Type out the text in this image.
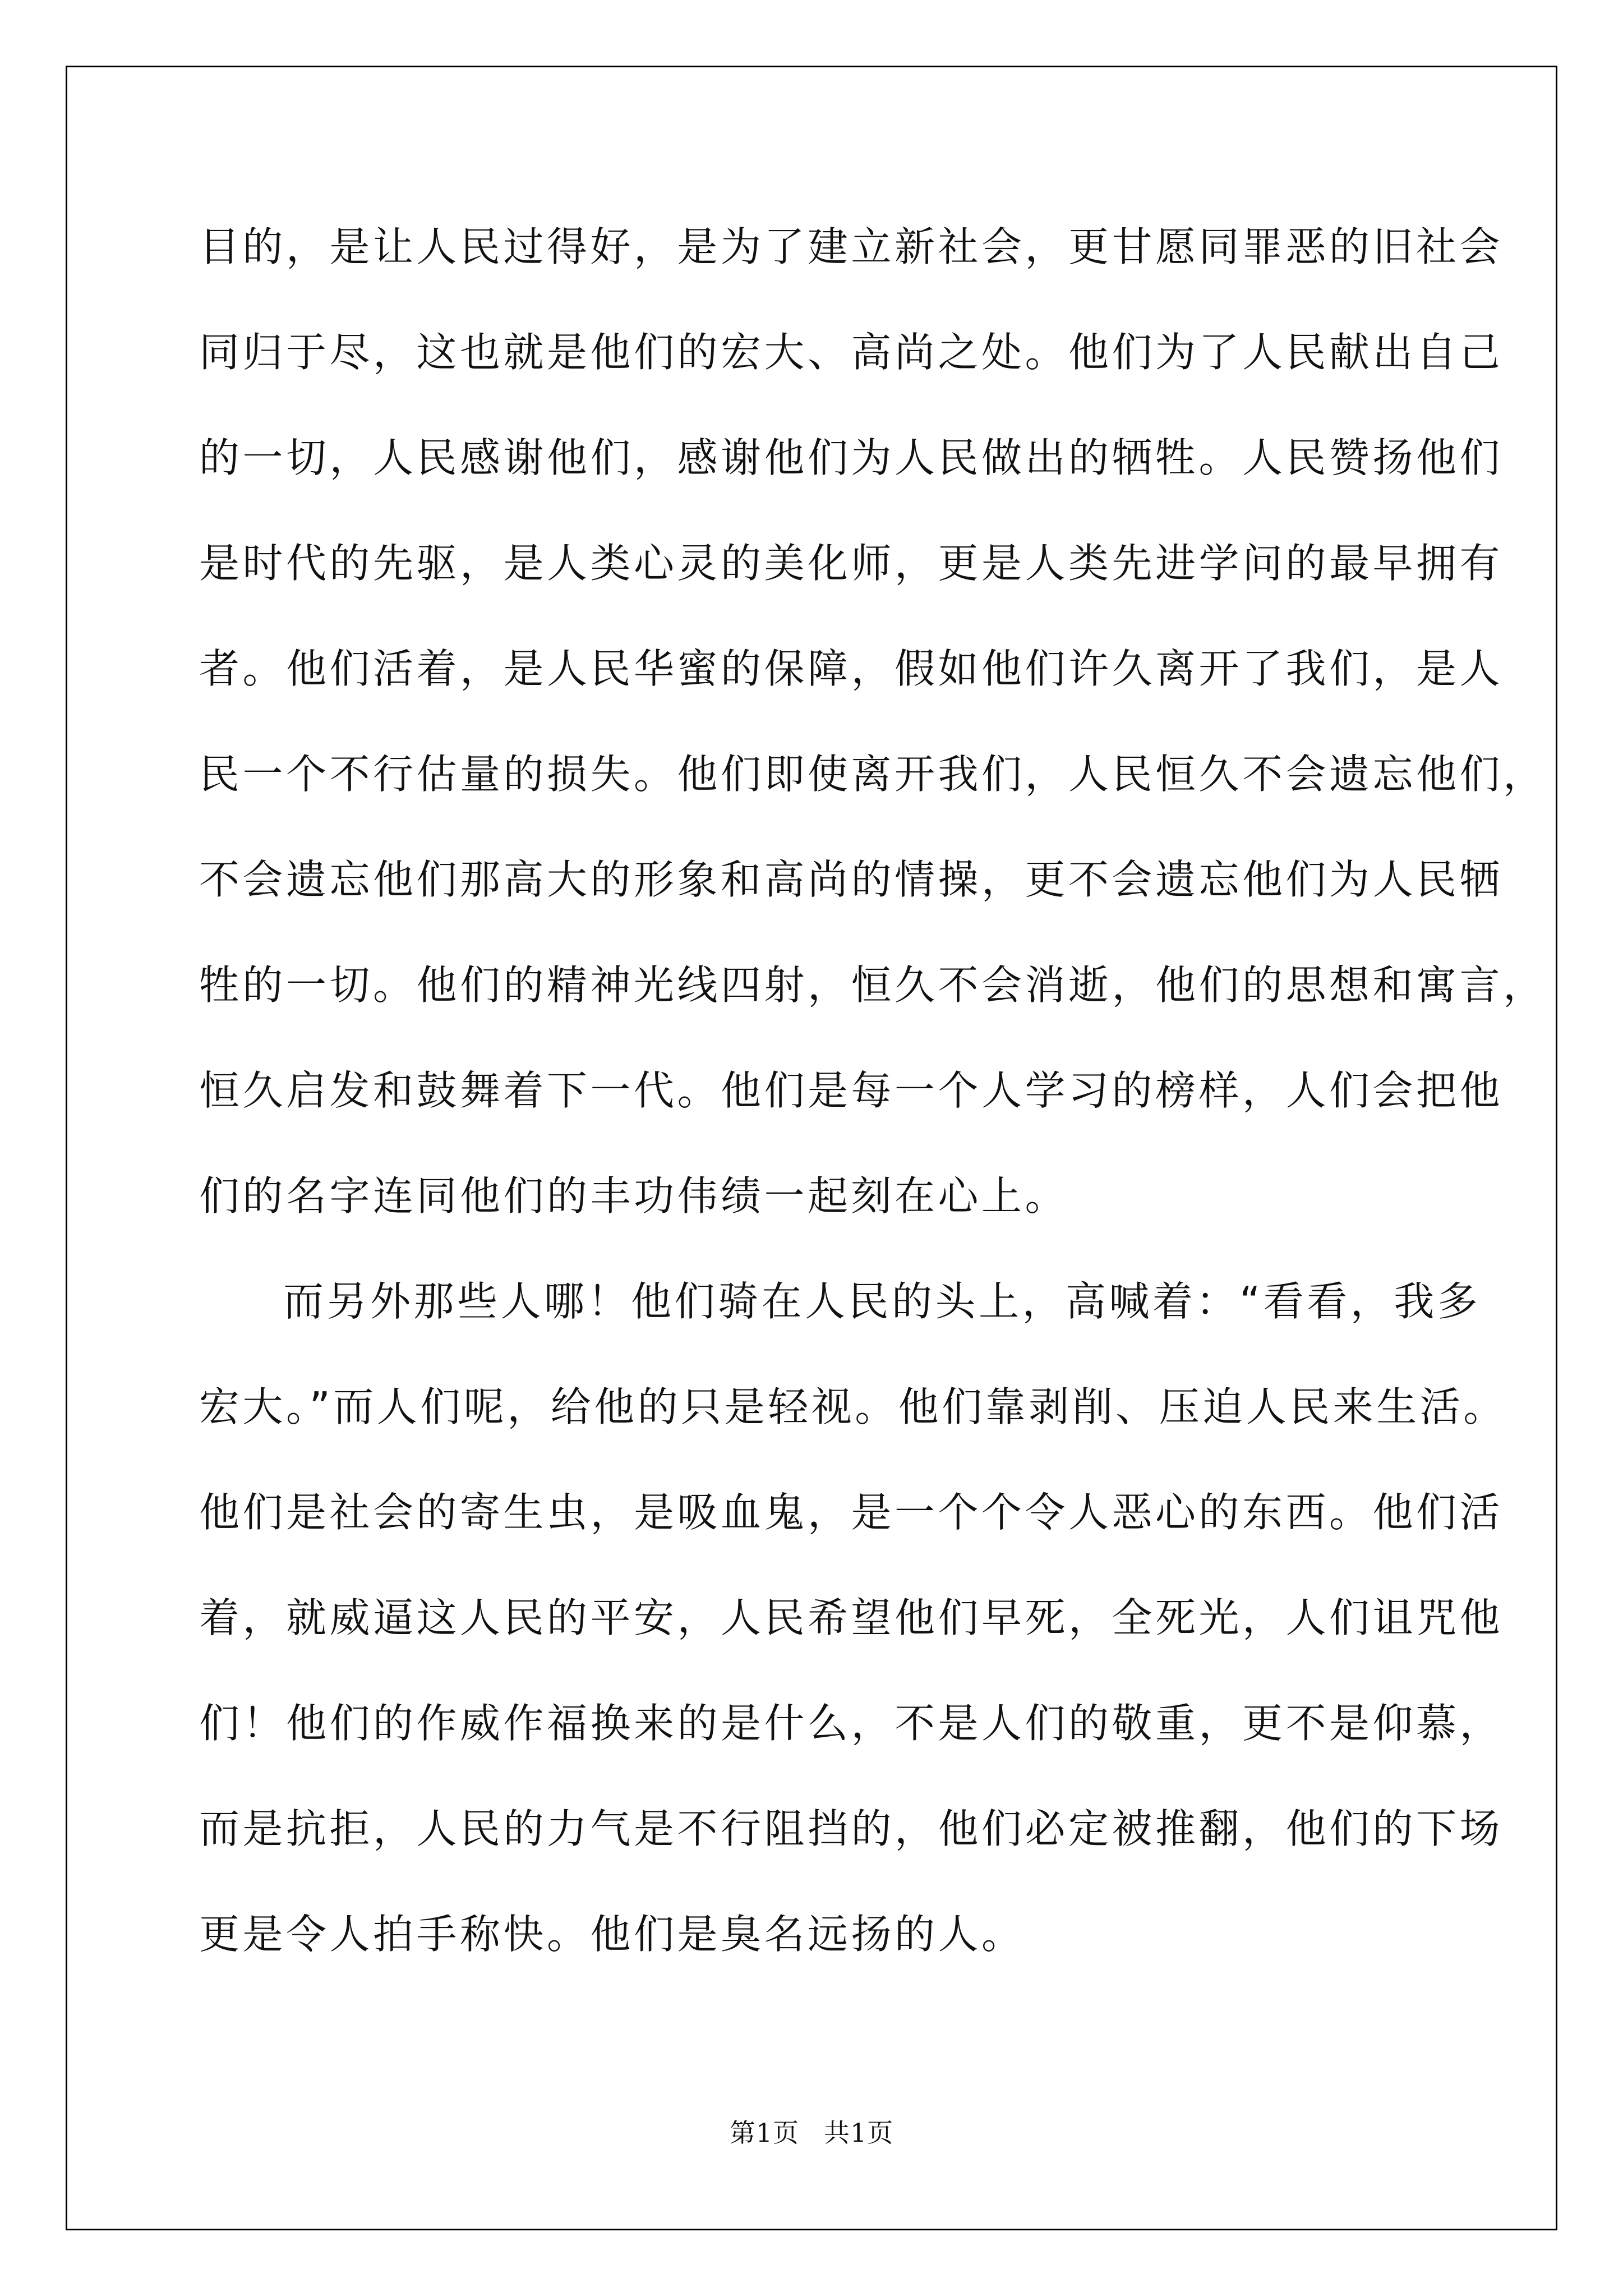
目的，是让人民过得好，是为了建立新社会，更甘愿同罪恶的旧社会

同归于尽，这也就是他们的宏大、高尚之处。他们为了人民献出自己

的一切，人民感谢他们，感谢他们为人民做出的牺牲。人民赞扬他们

是时代的先驱，是人类心灵的美化师，更是人类先进学问的最早拥有

者。他们活着，是人民华蜜的保障，假如他们许久离开了我们，是人

民一个不行估量的损失。他们即使离开我们，人民恒久不会遗忘他们，

不会遗忘他们那高大的形象和高尚的情操，更不会遗忘他们为人民牺

牲的一切。他们的精神光线四射，恒久不会消逝，他们的思想和寓言，

恒久启发和鼓舞着下一代。他们是每一个人学习的榜样，人们会把他

们的名字连同他们的丰功伟绩一起刻在心上。

而另外那些人哪！他们骑在人民的头上，高喊着：“看看，我多

宏大。”而人们呢，给他的只是轻视。他们靠剥削、压迫人民来生活。

他们是社会的寄生虫，是吸血鬼，是一个个令人恶心的东西。他们活

着，就威逼这人民的平安，人民希望他们早死，全死光，人们诅咒他

们！他们的作威作福换来的是什么，不是人们的敬重，更不是仰慕，

而是抗拒，人民的力气是不行阻挡的，他们必定被推翻，他们的下场

更是令人拍手称快。他们是臭名远扬的人。

第1页 共1页
